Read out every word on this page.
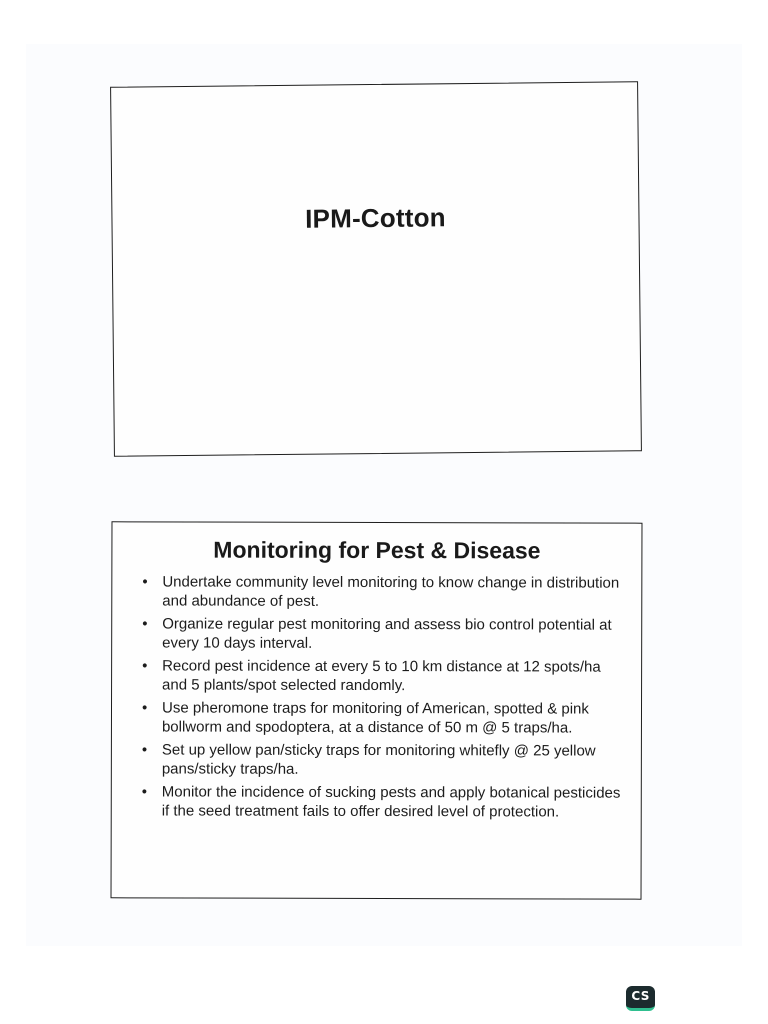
IPM-Cotton
Monitoring for Pest & Disease
• Undertake community level monitoring to know change in distribution and abundance of pest.
• Organize regular pest monitoring and assess bio control potential at every 10 days interval.
• Record pest incidence at every 5 to 10 km distance at 12 spots/ha and 5 plants/spot selected randomly.
• Use pheromone traps for monitoring of American, spotted & pink bollworm and spodoptera, at a distance of 50 m @ 5 traps/ha.
• Set up yellow pan/sticky traps for monitoring whitefly @ 25 yellow pans/sticky traps/ha.
• Monitor the incidence of sucking pests and apply botanical pesticides if the seed treatment fails to offer desired level of protection.
CS
